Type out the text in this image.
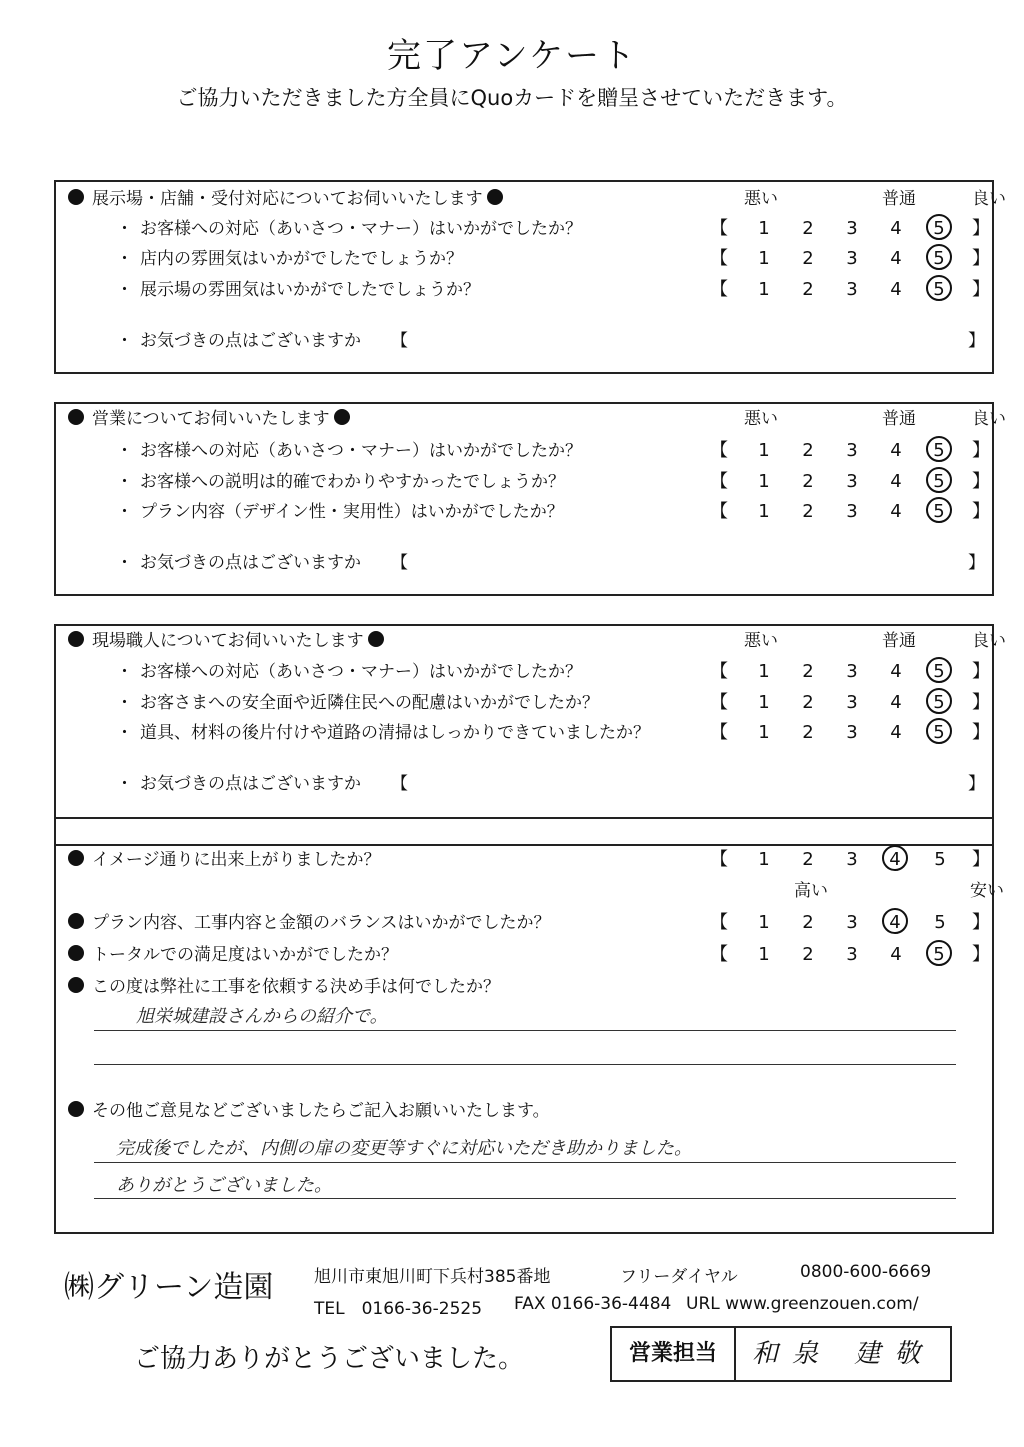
完了アンケート
ご協力いただきました方全員にQuoカードを贈呈させていただきます。
展示場・店舗・受付対応についてお伺いいたします	悪い	普通	良い
・ お客様への対応（あいさつ・マナー）はいかがでしたか？	【	1	2	3	4	5	】
・ 店内の雰囲気はいかがでしたでしょうか？	【	1	2	3	4	5	】
・ 展示場の雰囲気はいかがでしたでしょうか？	【	1	2	3	4	5	】
・ お気づきの点はございますか 【	】
営業についてお伺いいたします	悪い	普通	良い
・ お客様への対応（あいさつ・マナー）はいかがでしたか？	【	1	2	3	4	5	】
・ お客様への説明は的確でわかりやすかったでしょうか？	【	1	2	3	4	5	】
・ プラン内容（デザイン性・実用性）はいかがでしたか？	【	1	2	3	4	5	】
・ お気づきの点はございますか 【	】
現場職人についてお伺いいたします	悪い	普通	良い
・ お客様への対応（あいさつ・マナー）はいかがでしたか？	【	1	2	3	4	5	】
・ お客さまへの安全面や近隣住民への配慮はいかがでしたか？	【	1	2	3	4	5	】
・ 道具、材料の後片付けや道路の清掃はしっかりできていましたか？	【	1	2	3	4	5	】
・ お気づきの点はございますか 【	】
イメージ通りに出来上がりましたか？	【	1	2	3	4	5	】
高い	安い
プラン内容、工事内容と金額のバランスはいかがでしたか？	【	1	2	3	4	5	】
トータルでの満足度はいかがでしたか？	【	1	2	3	4	5	】
この度は弊社に工事を依頼する決め手は何でしたか？
旭栄城建設さんからの紹介で。
その他ご意見などございましたらご記入お願いいたします。
完成後でしたが、内側の扉の変更等すぐに対応いただき助かりました。
ありがとうございました。
㈱グリーン造園 旭川市東旭川町下兵村385番地	フリーダイヤル	0800-600-6669
TEL　0166-36-2525 FAX 0166-36-4484 URL www.greenzouen.com/
ご協力ありがとうございました。	営業担当	和泉 建敬
